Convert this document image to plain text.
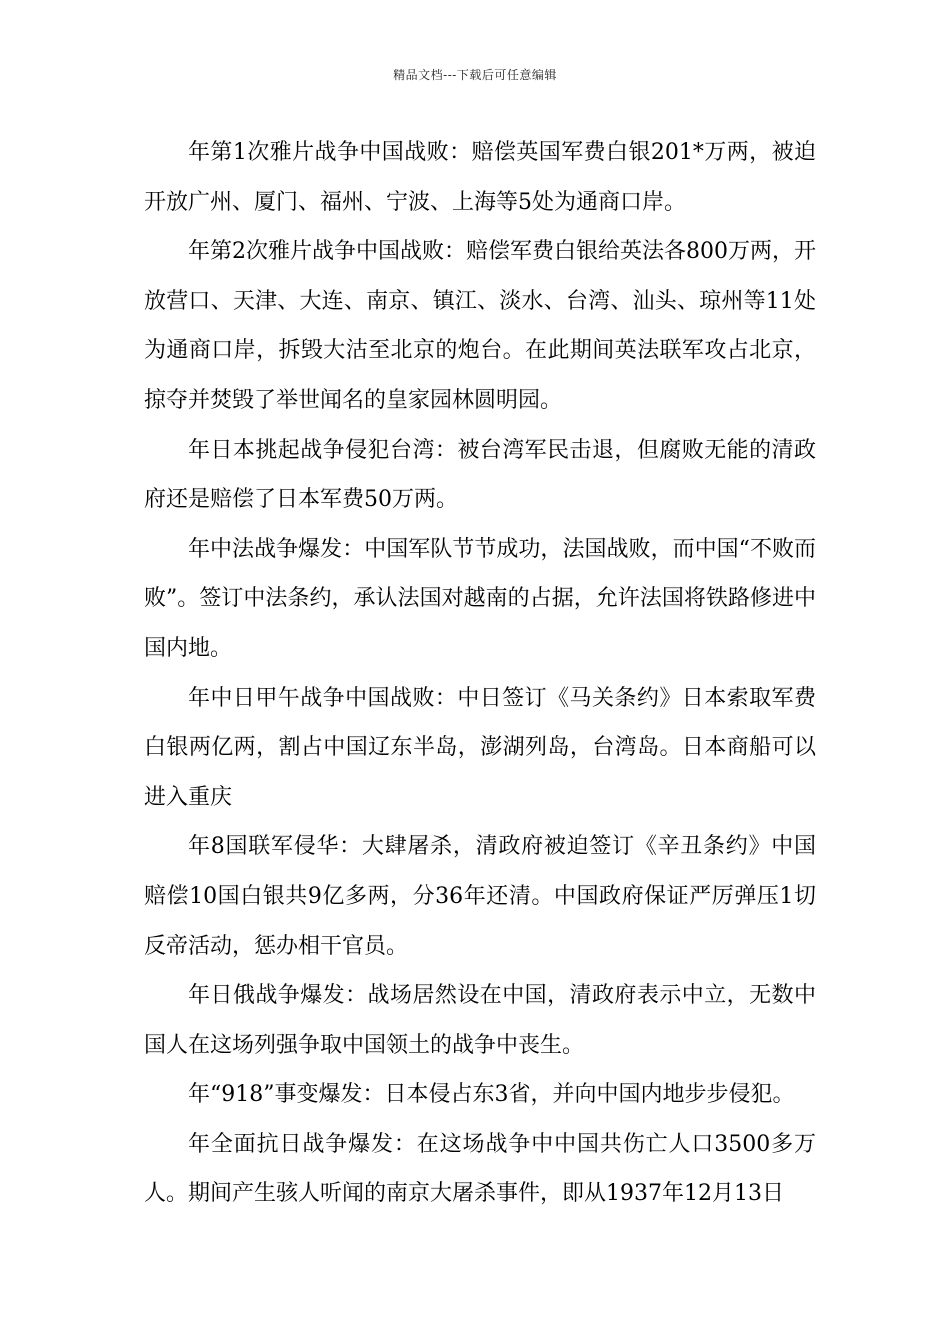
精品文档---下载后可任意编辑

年第1次雅片战争中国战败：赔偿英国军费白银201*万两，被迫开放广州、厦门、福州、宁波、上海等5处为通商口岸。

年第2次雅片战争中国战败：赔偿军费白银给英法各800万两，开放营口、天津、大连、南京、镇江、淡水、台湾、汕头、琼州等11处为通商口岸，拆毁大沽至北京的炮台。在此期间英法联军攻占北京，掠夺并焚毁了举世闻名的皇家园林圆明园。

年日本挑起战争侵犯台湾：被台湾军民击退，但腐败无能的清政府还是赔偿了日本军费50万两。

年中法战争爆发：中国军队节节成功，法国战败，而中国“不败而败”。签订中法条约，承认法国对越南的占据，允许法国将铁路修进中国内地。

年中日甲午战争中国战败：中日签订《马关条约》日本索取军费白银两亿两，割占中国辽东半岛，澎湖列岛，台湾岛。日本商船可以进入重庆

年8国联军侵华：大肆屠杀，清政府被迫签订《辛丑条约》中国赔偿10国白银共9亿多两，分36年还清。中国政府保证严厉弹压1切反帝活动，惩办相干官员。

年日俄战争爆发：战场居然设在中国，清政府表示中立，无数中国人在这场列强争取中国领土的战争中丧生。

年“918”事变爆发：日本侵占东3省，并向中国内地步步侵犯。

年全面抗日战争爆发：在这场战争中中国共伤亡人口3500多万人。期间产生骇人听闻的南京大屠杀事件，即从1937年12月13日
